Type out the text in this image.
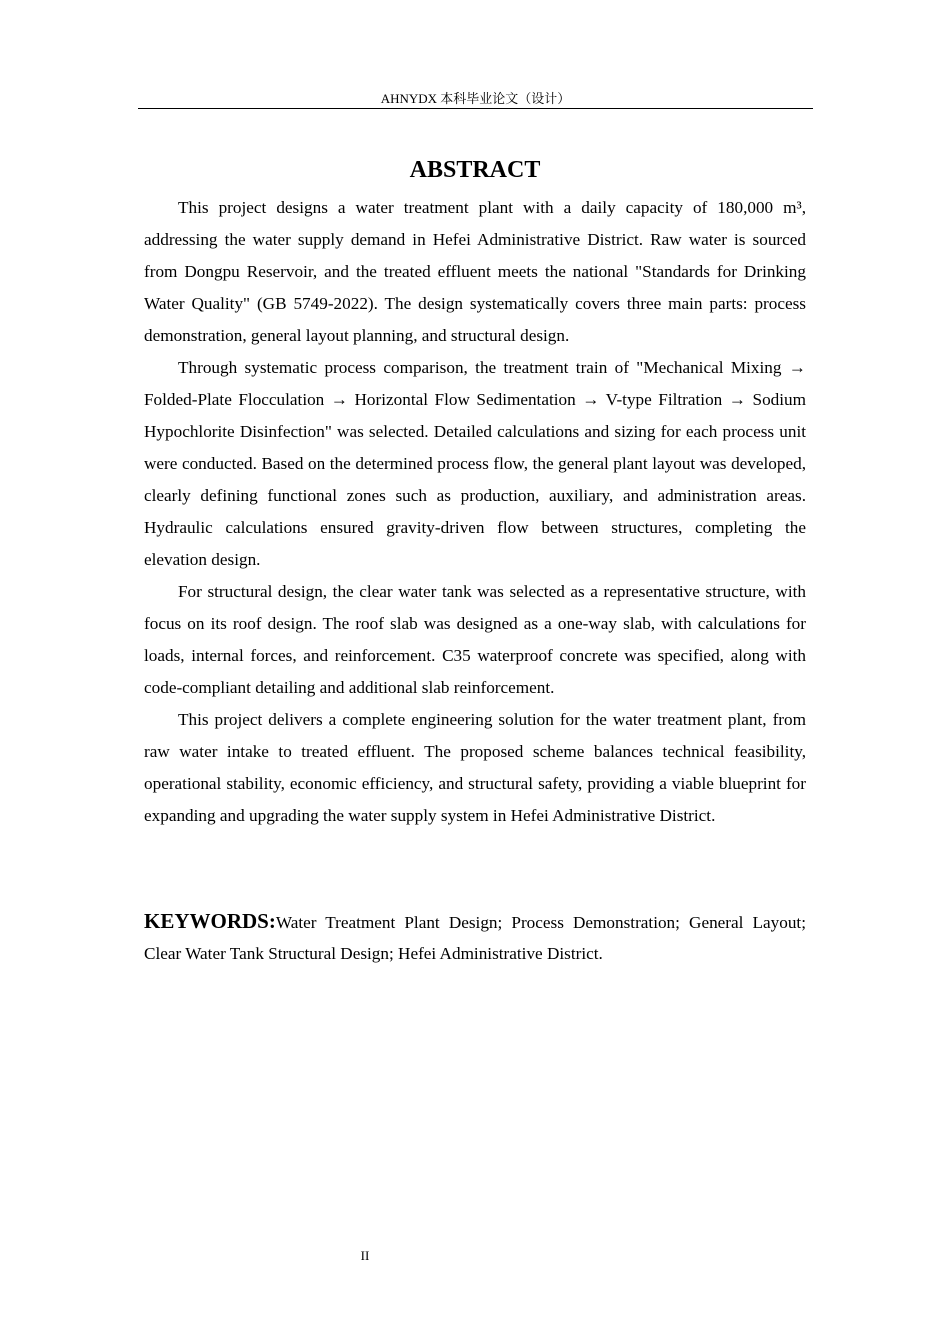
AHNYDX 本科毕业论文（设计）
ABSTRACT

This project designs a water treatment plant with a daily capacity of 180,000 m³, addressing the water supply demand in Hefei Administrative District. Raw water is sourced from Dongpu Reservoir, and the treated effluent meets the national "Standards for Drinking Water Quality" (GB 5749-2022). The design systematically covers three main parts: process demonstration, general layout planning, and structural design.

Through systematic process comparison, the treatment train of "Mechanical Mixing → Folded-Plate Flocculation → Horizontal Flow Sedimentation → V-type Filtration → Sodium Hypochlorite Disinfection" was selected. Detailed calculations and sizing for each process unit were conducted. Based on the determined process flow, the general plant layout was developed, clearly defining functional zones such as production, auxiliary, and administration areas. Hydraulic calculations ensured gravity-driven flow between structures, completing the elevation design.

For structural design, the clear water tank was selected as a representative structure, with focus on its roof design. The roof slab was designed as a one-way slab, with calculations for loads, internal forces, and reinforcement. C35 waterproof concrete was specified, along with code-compliant detailing and additional slab reinforcement.

This project delivers a complete engineering solution for the water treatment plant, from raw water intake to treated effluent. The proposed scheme balances technical feasibility, operational stability, economic efficiency, and structural safety, providing a viable blueprint for expanding and upgrading the water supply system in Hefei Administrative District.

KEYWORDS:Water Treatment Plant Design; Process Demonstration; General Layout; Clear Water Tank Structural Design; Hefei Administrative District.
II
